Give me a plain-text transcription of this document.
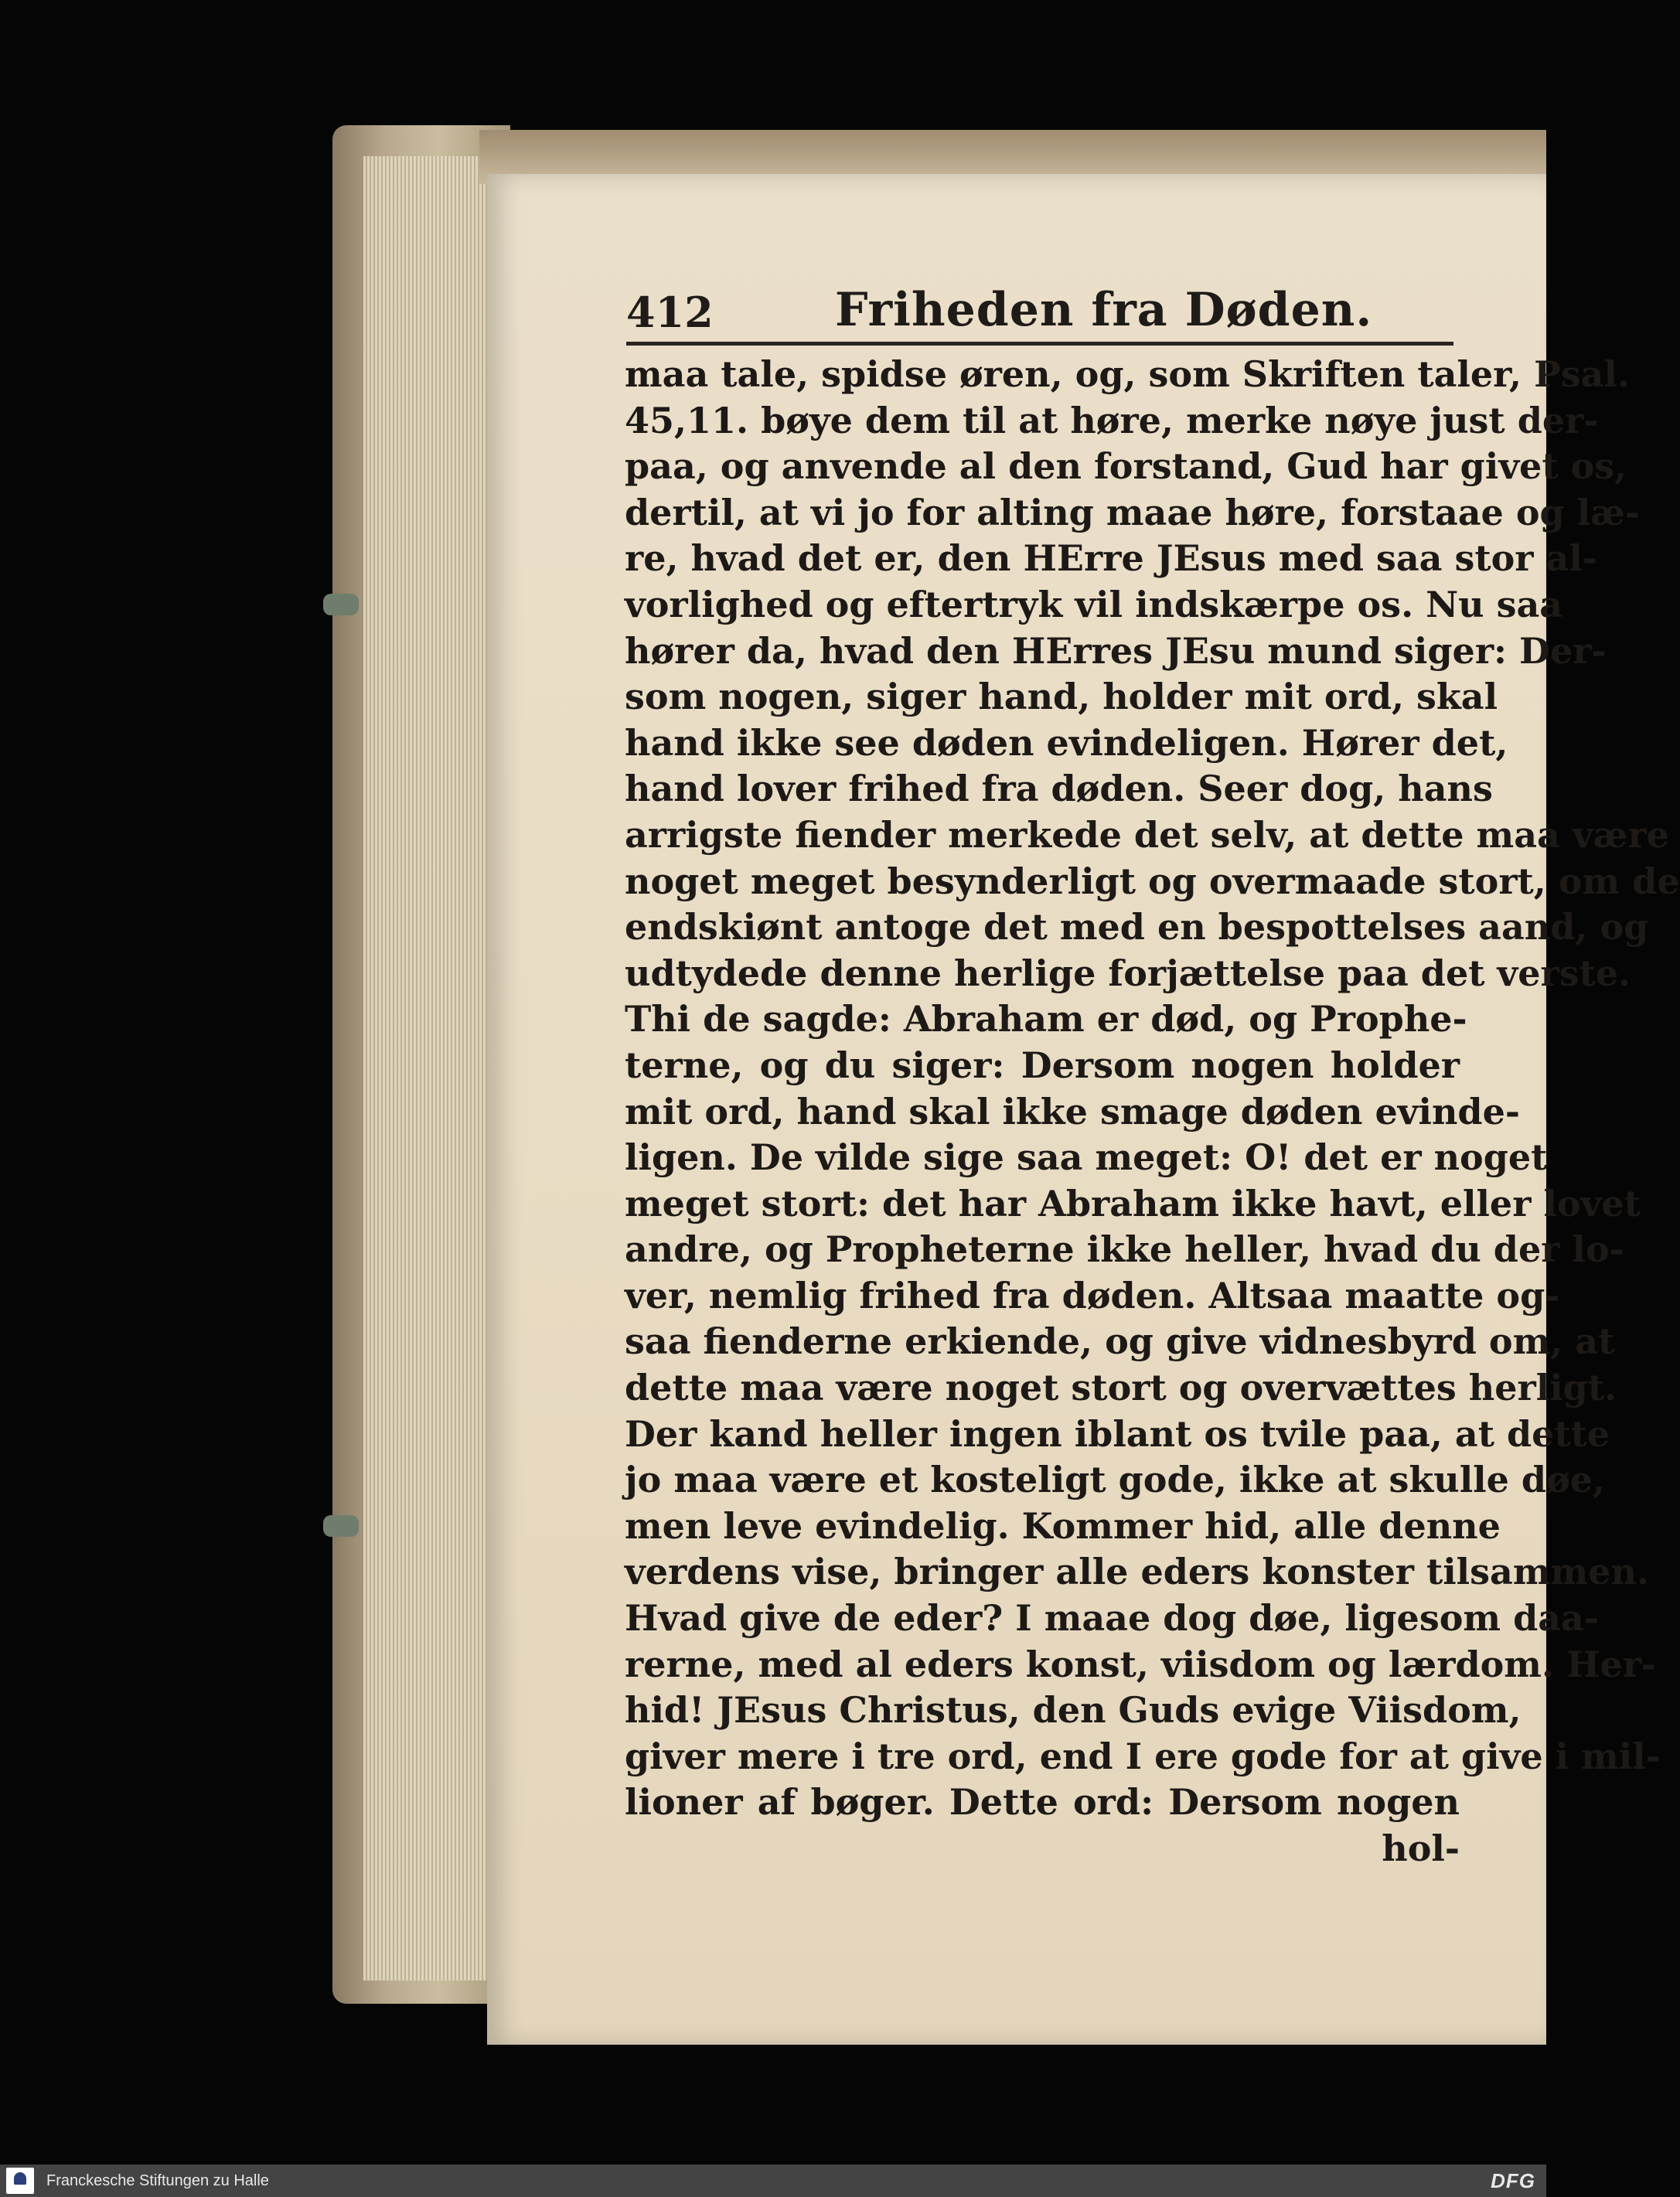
412	Friheden fra Døden.
maa tale, spidse øren, og, som Skriften taler, Psal.
45,11. bøye dem til at høre, merke nøye just der-
paa, og anvende al den forstand, Gud har givet os,
dertil, at vi jo for alting maae høre, forstaae og læ-
re, hvad det er, den HErre JEsus med saa stor al-
vorlighed og eftertryk vil indskærpe os. Nu saa
hører da, hvad den HErres JEsu mund siger: Der-
som nogen, siger hand, holder mit ord, skal
hand ikke see døden evindeligen. Hører det,
hand lover frihed fra døden. Seer dog, hans
arrigste fiender merkede det selv, at dette maa være
noget meget besynderligt og overmaade stort, om de
endskiønt antoge det med en bespottelses aand, og
udtydede denne herlige forjættelse paa det verste.
Thi de sagde: Abraham er død, og Prophe-
terne, og du siger: Dersom nogen holder
mit ord, hand skal ikke smage døden evinde-
ligen. De vilde sige saa meget: O! det er noget
meget stort: det har Abraham ikke havt, eller lovet
andre, og Propheterne ikke heller, hvad du der lo-
ver, nemlig frihed fra døden. Altsaa maatte og-
saa fienderne erkiende, og give vidnesbyrd om, at
dette maa være noget stort og overvættes herligt.
Der kand heller ingen iblant os tvile paa, at dette
jo maa være et kosteligt gode, ikke at skulle døe,
men leve evindelig. Kommer hid, alle denne
verdens vise, bringer alle eders konster tilsammen.
Hvad give de eder? I maae dog døe, ligesom daa-
rerne, med al eders konst, viisdom og lærdom. Her-
hid! JEsus Christus, den Guds evige Viisdom,
giver mere i tre ord, end I ere gode for at give i mil-
lioner af bøger. Dette ord: Dersom nogen
hol-
Franckesche Stiftungen zu Halle	DFG
